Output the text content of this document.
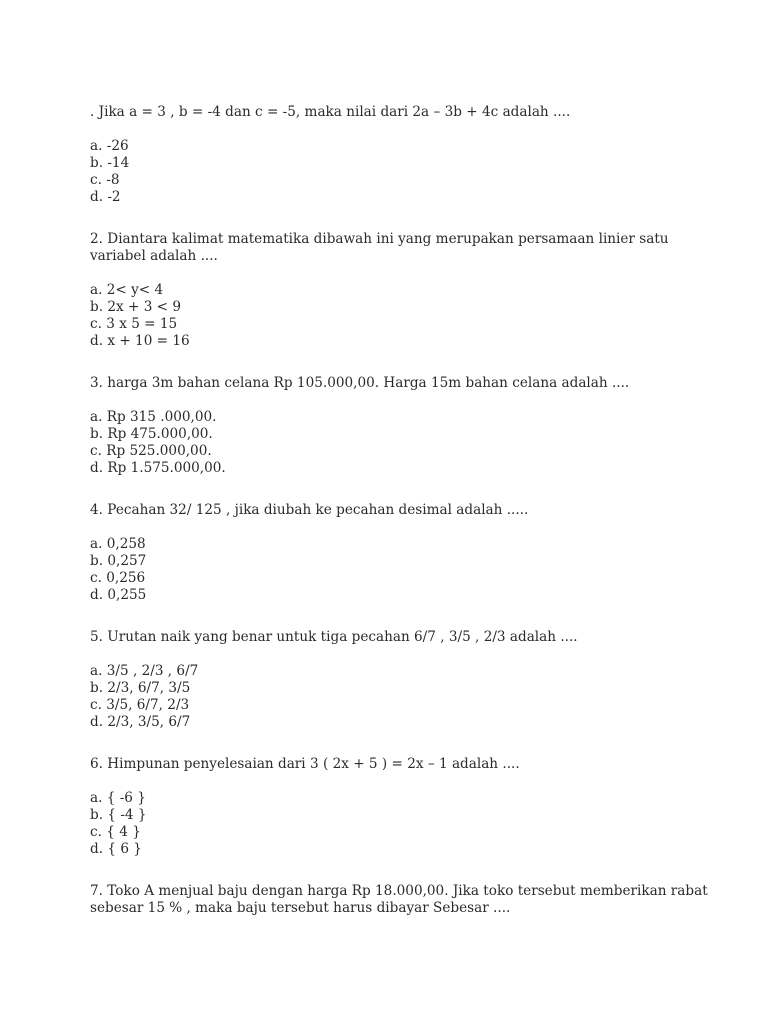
. Jika a = 3 , b = -4 dan c = -5, maka nilai dari 2a – 3b + 4c adalah ....

a. -26
b. -14
c. -8
d. -2

2. Diantara kalimat matematika dibawah ini yang merupakan persamaan linier satu variabel adalah ....

a. 2< y< 4
b. 2x + 3 < 9
c. 3 x 5 = 15
d. x + 10 = 16

3. harga 3m bahan celana Rp 105.000,00. Harga 15m bahan celana adalah ....

a. Rp 315 .000,00.
b. Rp 475.000,00.
c. Rp 525.000,00.
d. Rp 1.575.000,00.

4. Pecahan 32/ 125 , jika diubah ke pecahan desimal adalah .....

a. 0,258
b. 0,257
c. 0,256
d. 0,255

5. Urutan naik yang benar untuk tiga pecahan 6/7 , 3/5 , 2/3 adalah ....

a. 3/5 , 2/3 , 6/7
b. 2/3, 6/7, 3/5
c. 3/5, 6/7, 2/3
d. 2/3, 3/5, 6/7

6. Himpunan penyelesaian dari 3 ( 2x + 5 ) = 2x – 1 adalah ....

a. { -6 }
b. { -4 }
c. { 4 }
d. { 6 }

7. Toko A menjual baju dengan harga Rp 18.000,00. Jika toko tersebut memberikan rabat sebesar 15 % , maka baju tersebut harus dibayar Sebesar ....
